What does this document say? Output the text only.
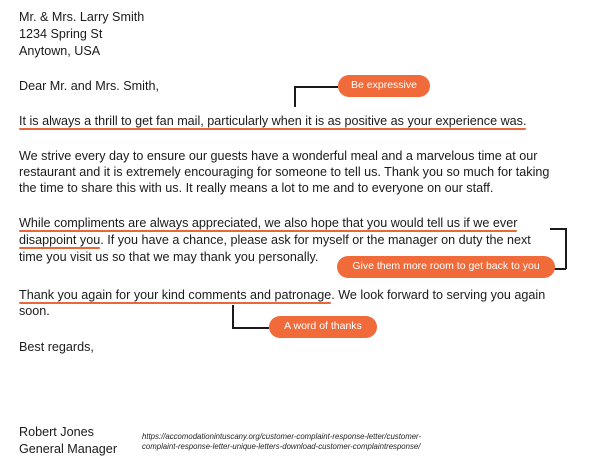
Mr. & Mrs. Larry Smith
1234 Spring St
Anytown, USA
Dear Mr. and Mrs. Smith,
It is always a thrill to get fan mail, particularly when it is as positive as your experience was.
We strive every day to ensure our guests have a wonderful meal and a marvelous time at our
restaurant and it is extremely encouraging for someone to tell us. Thank you so much for taking
the time to share this with us. It really means a lot to me and to everyone on our staff.
While compliments are always appreciated, we also hope that you would tell us if we ever
disappoint you. If you have a chance, please ask for myself or the manager on duty the next
time you visit us so that we may thank you personally.
Thank you again for your kind comments and patronage. We look forward to serving you again
soon.
Best regards,
Robert Jones
General Manager
https://accomodationintuscany.org/customer-complaint-response-letter/customer-
complaint-response-letter-unique-letters-download-customer-complaintresponse/
Be expressive
Give them more room to get back to you
A word of thanks
